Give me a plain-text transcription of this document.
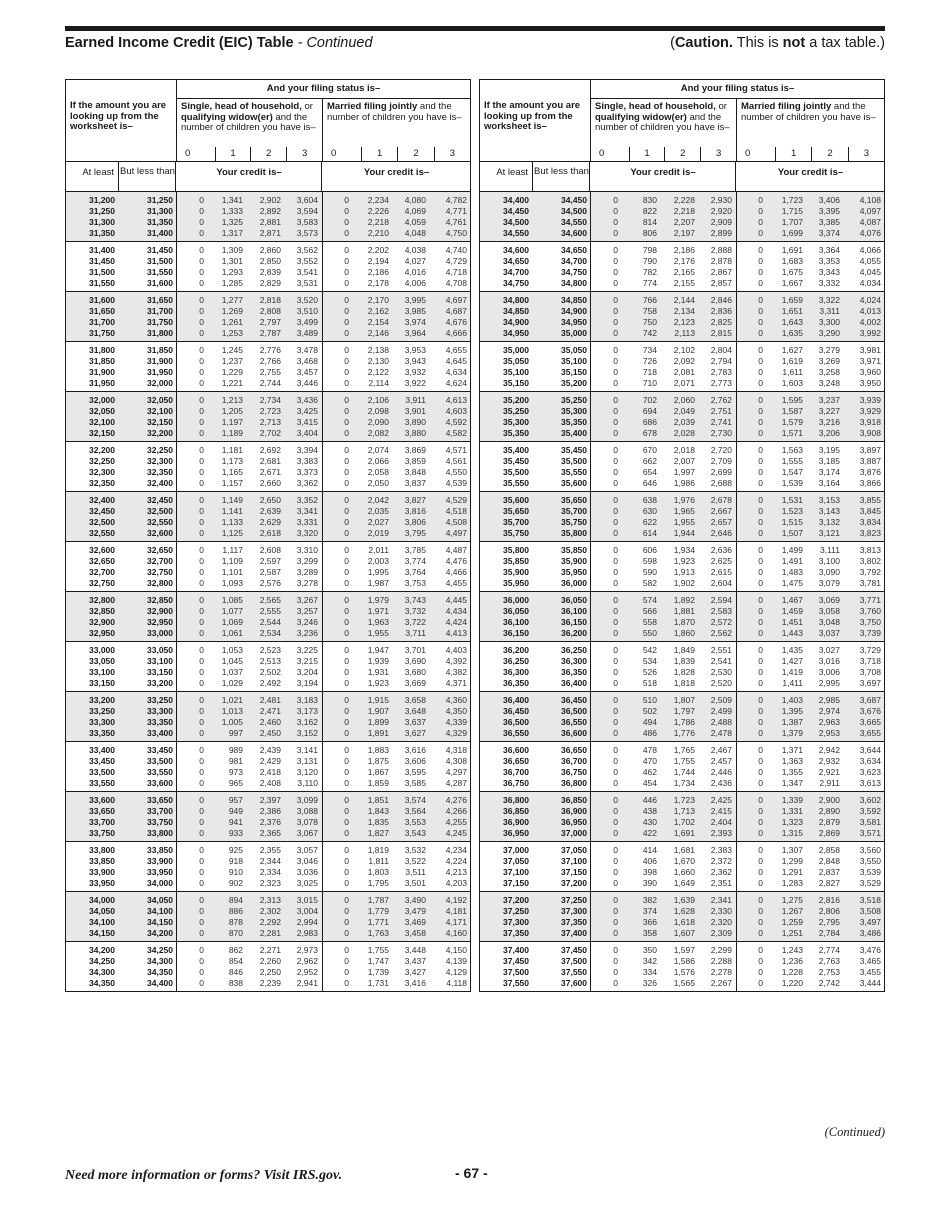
Earned Income Credit (EIC) Table - Continued	(Caution. This is not a tax table.)
If the amount you are looking up from the worksheet is–
And your filing status is–
Single, head of household, or qualifying widow(er) and the number of children you have is–
0	1	2	3
Married filing jointly and the number of children you have is–
0	1	2	3
At least But less than	Your credit is–	Your credit is–
31,200	31,250	0	1,341	2,902	3,604	0	2,234	4,080	4,782
31,250	31,300	0	1,333	2,892	3,594	0	2,226	4,069	4,771
31,300	31,350	0	1,325	2,881	3,583	0	2,218	4,059	4,761
31,350	31,400	0	1,317	2,871	3,573	0	2,210	4,048	4,750
31,400	31,450	0	1,309	2,860	3,562	0	2,202	4,038	4,740
31,450	31,500	0	1,301	2,850	3,552	0	2,194	4,027	4,729
31,500	31,550	0	1,293	2,839	3,541	0	2,186	4,016	4,718
31,550	31,600	0	1,285	2,829	3,531	0	2,178	4,006	4,708
31,600	31,650	0	1,277	2,818	3,520	0	2,170	3,995	4,697
31,650	31,700	0	1,269	2,808	3,510	0	2,162	3,985	4,687
31,700	31,750	0	1,261	2,797	3,499	0	2,154	3,974	4,676
31,750	31,800	0	1,253	2,787	3,489	0	2,146	3,964	4,666
31,800	31,850	0	1,245	2,776	3,478	0	2,138	3,953	4,655
31,850	31,900	0	1,237	2,766	3,468	0	2,130	3,943	4,645
31,900	31,950	0	1,229	2,755	3,457	0	2,122	3,932	4,634
31,950	32,000	0	1,221	2,744	3,446	0	2,114	3,922	4,624
32,000	32,050	0	1,213	2,734	3,436	0	2,106	3,911	4,613
32,050	32,100	0	1,205	2,723	3,425	0	2,098	3,901	4,603
32,100	32,150	0	1,197	2,713	3,415	0	2,090	3,890	4,592
32,150	32,200	0	1,189	2,702	3,404	0	2,082	3,880	4,582
32,200	32,250	0	1,181	2,692	3,394	0	2,074	3,869	4,571
32,250	32,300	0	1,173	2,681	3,383	0	2,066	3,859	4,561
32,300	32,350	0	1,165	2,671	3,373	0	2,058	3,848	4,550
32,350	32,400	0	1,157	2,660	3,362	0	2,050	3,837	4,539
32,400	32,450	0	1,149	2,650	3,352	0	2,042	3,827	4,529
32,450	32,500	0	1,141	2,639	3,341	0	2,035	3,816	4,518
32,500	32,550	0	1,133	2,629	3,331	0	2,027	3,806	4,508
32,550	32,600	0	1,125	2,618	3,320	0	2,019	3,795	4,497
32,600	32,650	0	1,117	2,608	3,310	0	2,011	3,785	4,487
32,650	32,700	0	1,109	2,597	3,299	0	2,003	3,774	4,476
32,700	32,750	0	1,101	2,587	3,289	0	1,995	3,764	4,466
32,750	32,800	0	1,093	2,576	3,278	0	1,987	3,753	4,455
32,800	32,850	0	1,085	2,565	3,267	0	1,979	3,743	4,445
32,850	32,900	0	1,077	2,555	3,257	0	1,971	3,732	4,434
32,900	32,950	0	1,069	2,544	3,246	0	1,963	3,722	4,424
32,950	33,000	0	1,061	2,534	3,236	0	1,955	3,711	4,413
33,000	33,050	0	1,053	2,523	3,225	0	1,947	3,701	4,403
33,050	33,100	0	1,045	2,513	3,215	0	1,939	3,690	4,392
33,100	33,150	0	1,037	2,502	3,204	0	1,931	3,680	4,382
33,150	33,200	0	1,029	2,492	3,194	0	1,923	3,669	4,371
33,200	33,250	0	1,021	2,481	3,183	0	1,915	3,658	4,360
33,250	33,300	0	1,013	2,471	3,173	0	1,907	3,648	4,350
33,300	33,350	0	1,005	2,460	3,162	0	1,899	3,637	4,339
33,350	33,400	0	997	2,450	3,152	0	1,891	3,627	4,329
33,400	33,450	0	989	2,439	3,141	0	1,883	3,616	4,318
33,450	33,500	0	981	2,429	3,131	0	1,875	3,606	4,308
33,500	33,550	0	973	2,418	3,120	0	1,867	3,595	4,297
33,550	33,600	0	965	2,408	3,110	0	1,859	3,585	4,287
33,600	33,650	0	957	2,397	3,099	0	1,851	3,574	4,276
33,650	33,700	0	949	2,386	3,088	0	1,843	3,564	4,266
33,700	33,750	0	941	2,376	3,078	0	1,835	3,553	4,255
33,750	33,800	0	933	2,365	3,067	0	1,827	3,543	4,245
33,800	33,850	0	925	2,355	3,057	0	1,819	3,532	4,234
33,850	33,900	0	918	2,344	3,046	0	1,811	3,522	4,224
33,900	33,950	0	910	2,334	3,036	0	1,803	3,511	4,213
33,950	34,000	0	902	2,323	3,025	0	1,795	3,501	4,203
34,000	34,050	0	894	2,313	3,015	0	1,787	3,490	4,192
34,050	34,100	0	886	2,302	3,004	0	1,779	3,479	4,181
34,100	34,150	0	878	2,292	2,994	0	1,771	3,469	4,171
34,150	34,200	0	870	2,281	2,983	0	1,763	3,458	4,160
34,200	34,250	0	862	2,271	2,973	0	1,755	3,448	4,150
34,250	34,300	0	854	2,260	2,962	0	1,747	3,437	4,139
34,300	34,350	0	846	2,250	2,952	0	1,739	3,427	4,129
34,350	34,400	0	838	2,239	2,941	0	1,731	3,416	4,118
If the amount you are looking up from the worksheet is–
And your filing status is–
Single, head of household, or qualifying widow(er) and the number of children you have is–
0	1	2	3
Married filing jointly and the number of children you have is–
0	1	2	3
At least But less than	Your credit is–	Your credit is–
34,400	34,450	0	830	2,228	2,930	0	1,723	3,406	4,108
34,450	34,500	0	822	2,218	2,920	0	1,715	3,395	4,097
34,500	34,550	0	814	2,207	2,909	0	1,707	3,385	4,087
34,550	34,600	0	806	2,197	2,899	0	1,699	3,374	4,076
34,600	34,650	0	798	2,186	2,888	0	1,691	3,364	4,066
34,650	34,700	0	790	2,176	2,878	0	1,683	3,353	4,055
34,700	34,750	0	782	2,165	2,867	0	1,675	3,343	4,045
34,750	34,800	0	774	2,155	2,857	0	1,667	3,332	4,034
34,800	34,850	0	766	2,144	2,846	0	1,659	3,322	4,024
34,850	34,900	0	758	2,134	2,836	0	1,651	3,311	4,013
34,900	34,950	0	750	2,123	2,825	0	1,643	3,300	4,002
34,950	35,000	0	742	2,113	2,815	0	1,635	3,290	3,992
35,000	35,050	0	734	2,102	2,804	0	1,627	3,279	3,981
35,050	35,100	0	726	2,092	2,794	0	1,619	3,269	3,971
35,100	35,150	0	718	2,081	2,783	0	1,611	3,258	3,960
35,150	35,200	0	710	2,071	2,773	0	1,603	3,248	3,950
35,200	35,250	0	702	2,060	2,762	0	1,595	3,237	3,939
35,250	35,300	0	694	2,049	2,751	0	1,587	3,227	3,929
35,300	35,350	0	686	2,039	2,741	0	1,579	3,216	3,918
35,350	35,400	0	678	2,028	2,730	0	1,571	3,206	3,908
35,400	35,450	0	670	2,018	2,720	0	1,563	3,195	3,897
35,450	35,500	0	662	2,007	2,709	0	1,555	3,185	3,887
35,500	35,550	0	654	1,997	2,699	0	1,547	3,174	3,876
35,550	35,600	0	646	1,986	2,688	0	1,539	3,164	3,866
35,600	35,650	0	638	1,976	2,678	0	1,531	3,153	3,855
35,650	35,700	0	630	1,965	2,667	0	1,523	3,143	3,845
35,700	35,750	0	622	1,955	2,657	0	1,515	3,132	3,834
35,750	35,800	0	614	1,944	2,646	0	1,507	3,121	3,823
35,800	35,850	0	606	1,934	2,636	0	1,499	3,111	3,813
35,850	35,900	0	598	1,923	2,625	0	1,491	3,100	3,802
35,900	35,950	0	590	1,913	2,615	0	1,483	3,090	3,792
35,950	36,000	0	582	1,902	2,604	0	1,475	3,079	3,781
36,000	36,050	0	574	1,892	2,594	0	1,467	3,069	3,771
36,050	36,100	0	566	1,881	2,583	0	1,459	3,058	3,760
36,100	36,150	0	558	1,870	2,572	0	1,451	3,048	3,750
36,150	36,200	0	550	1,860	2,562	0	1,443	3,037	3,739
36,200	36,250	0	542	1,849	2,551	0	1,435	3,027	3,729
36,250	36,300	0	534	1,839	2,541	0	1,427	3,016	3,718
36,300	36,350	0	526	1,828	2,530	0	1,419	3,006	3,708
36,350	36,400	0	518	1,818	2,520	0	1,411	2,995	3,697
36,400	36,450	0	510	1,807	2,509	0	1,403	2,985	3,687
36,450	36,500	0	502	1,797	2,499	0	1,395	2,974	3,676
36,500	36,550	0	494	1,786	2,488	0	1,387	2,963	3,665
36,550	36,600	0	486	1,776	2,478	0	1,379	2,953	3,655
36,600	36,650	0	478	1,765	2,467	0	1,371	2,942	3,644
36,650	36,700	0	470	1,755	2,457	0	1,363	2,932	3,634
36,700	36,750	0	462	1,744	2,446	0	1,355	2,921	3,623
36,750	36,800	0	454	1,734	2,436	0	1,347	2,911	3,613
36,800	36,850	0	446	1,723	2,425	0	1,339	2,900	3,602
36,850	36,900	0	438	1,713	2,415	0	1,331	2,890	3,592
36,900	36,950	0	430	1,702	2,404	0	1,323	2,879	3,581
36,950	37,000	0	422	1,691	2,393	0	1,315	2,869	3,571
37,000	37,050	0	414	1,681	2,383	0	1,307	2,858	3,560
37,050	37,100	0	406	1,670	2,372	0	1,299	2,848	3,550
37,100	37,150	0	398	1,660	2,362	0	1,291	2,837	3,539
37,150	37,200	0	390	1,649	2,351	0	1,283	2,827	3,529
37,200	37,250	0	382	1,639	2,341	0	1,275	2,816	3,518
37,250	37,300	0	374	1,628	2,330	0	1,267	2,806	3,508
37,300	37,350	0	366	1,618	2,320	0	1,259	2,795	3,497
37,350	37,400	0	358	1,607	2,309	0	1,251	2,784	3,486
37,400	37,450	0	350	1,597	2,299	0	1,243	2,774	3,476
37,450	37,500	0	342	1,586	2,288	0	1,236	2,763	3,465
37,500	37,550	0	334	1,576	2,278	0	1,228	2,753	3,455
37,550	37,600	0	326	1,565	2,267	0	1,220	2,742	3,444
(Continued)
Need more information or forms? Visit IRS.gov.	- 67 -
